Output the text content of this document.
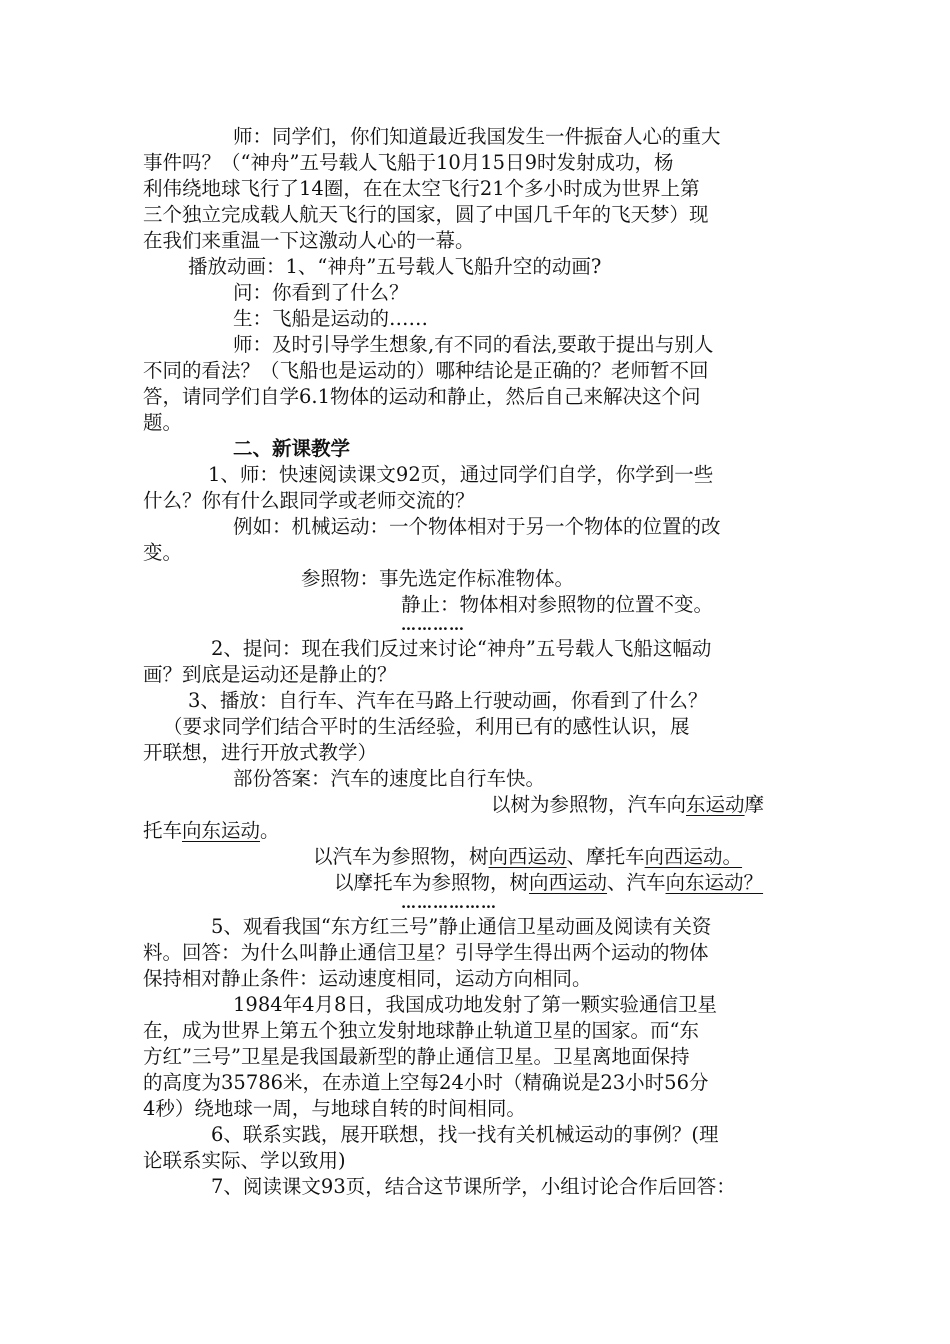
师：同学们，你们知道最近我国发生一件振奋人心的重大
事件吗？（“神舟”五号载人飞船于10月15日9时发射成功，杨
利伟绕地球飞行了14圈，在在太空飞行21个多小时成为世界上第
三个独立完成载人航天飞行的国家，圆了中国几千年的飞天梦）现
在我们来重温一下这激动人心的一幕。
播放动画：1、“神舟”五号载人飞船升空的动画?
问：你看到了什么？
生：飞船是运动的……
师：及时引导学生想象,有不同的看法,要敢于提出与别人
不同的看法？（飞船也是运动的）哪种结论是正确的？老师暂不回
答，请同学们自学6.1物体的运动和静止，然后自己来解决这个问
题。
二、新课教学
1、师：快速阅读课文92页，通过同学们自学，你学到一些
什么？你有什么跟同学或老师交流的？
例如：机械运动：一个物体相对于另一个物体的位置的改
变。
参照物：事先选定作标准物体。
静止：物体相对参照物的位置不变。
…………
2、提问：现在我们反过来讨论“神舟”五号载人飞船这幅动
画？到底是运动还是静止的？
3、播放：自行车、汽车在马路上行驶动画，你看到了什么？
（要求同学们结合平时的生活经验，利用已有的感性认识，展
开联想，进行开放式教学）
部份答案：汽车的速度比自行车快。
以树为参照物，汽车向东运动摩
托车向东运动。
以汽车为参照物，树向西运动、摩托车向西运动。
以摩托车为参照物，树向西运动、汽车向东运动？
………………
5、观看我国“东方红三号”静止通信卫星动画及阅读有关资
料。回答：为什么叫静止通信卫星？引导学生得出两个运动的物体
保持相对静止条件：运动速度相同，运动方向相同。
1984年4月8日，我国成功地发射了第一颗实验通信卫星
在，成为世界上第五个独立发射地球静止轨道卫星的国家。而“东
方红”三号”卫星是我国最新型的静止通信卫星。卫星离地面保持
的高度为35786米，在赤道上空每24小时（精确说是23小时56分
4秒）绕地球一周，与地球自转的时间相同。
6、联系实践，展开联想，找一找有关机械运动的事例？(理
论联系实际、学以致用)
7、阅读课文93页，结合这节课所学，小组讨论合作后回答：
